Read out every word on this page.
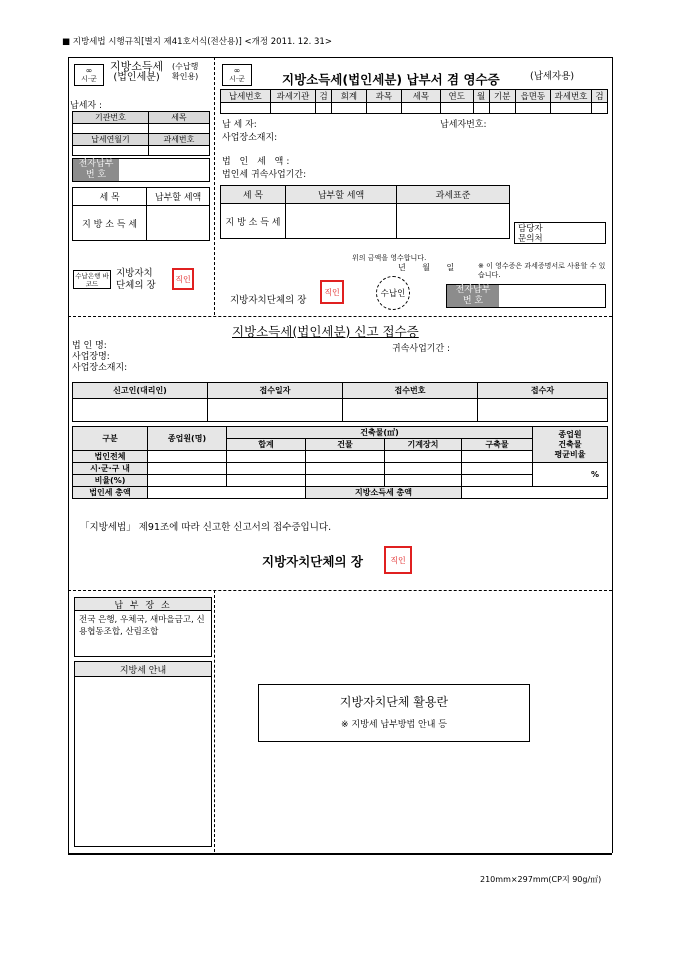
■ 지방세법 시행규칙[별지 제41호서식(전산용)] <개정 2011. 12. 31>
∞
시·군
지방소득세
(법인세분)
(수납행
확인용)
납세자 :
기관번호	세목

납세연월기	과세번호

전자납부
번 호
세 목	납부할 세액
지 방 소 득 세	
수납은행 바코드
지방자치
단체의 장
직인
∞
시·군	지방소득세(법인세분) 납부서 겸 영수증	(납세자용)
납세번호	과세기관	검	회계	과목	세목	연도	월	기분	읍면동	과세번호	검

납 세 자:
사업장소재지:
납세자번호:
법 인 세 액:
법인세 귀속사업기간:
세 목	납부할 세액	과세표준
지 방 소 득 세		
담당자
문의처
위의 금액을 영수합니다.
년 월 일	※ 이 영수증은 과세증명서로 사용할 수 있습니다.
지방자치단체의 장
직인	수납인	전자납부
번 호
지방소득세(법인세분) 신고 접수증
법 인 명:
사업장명:
사업장소재지:
귀속사업기간 :
신고인(대리인)	접수일자	접수번호	접수자

구분	종업원(명)	건축물(㎡)				종업원
건축물
평균비율

		합계	건물	기계장치	구축물	
법인전체						
시·군·구 내						%
비율(%)						
법인세 총액			지방소득세 총액			
「지방세법」 제91조에 따라 신고한 신고서의 접수증입니다.
지방자치단체의 장	직인
납 부 장 소
전국 은행, 우체국, 새마을금고, 신용협동조합, 산림조합
지방세 안내
지방자치단체 활용란
※ 지방세 납부방법 안내 등
210mm×297mm(CP지 90g/㎡)
